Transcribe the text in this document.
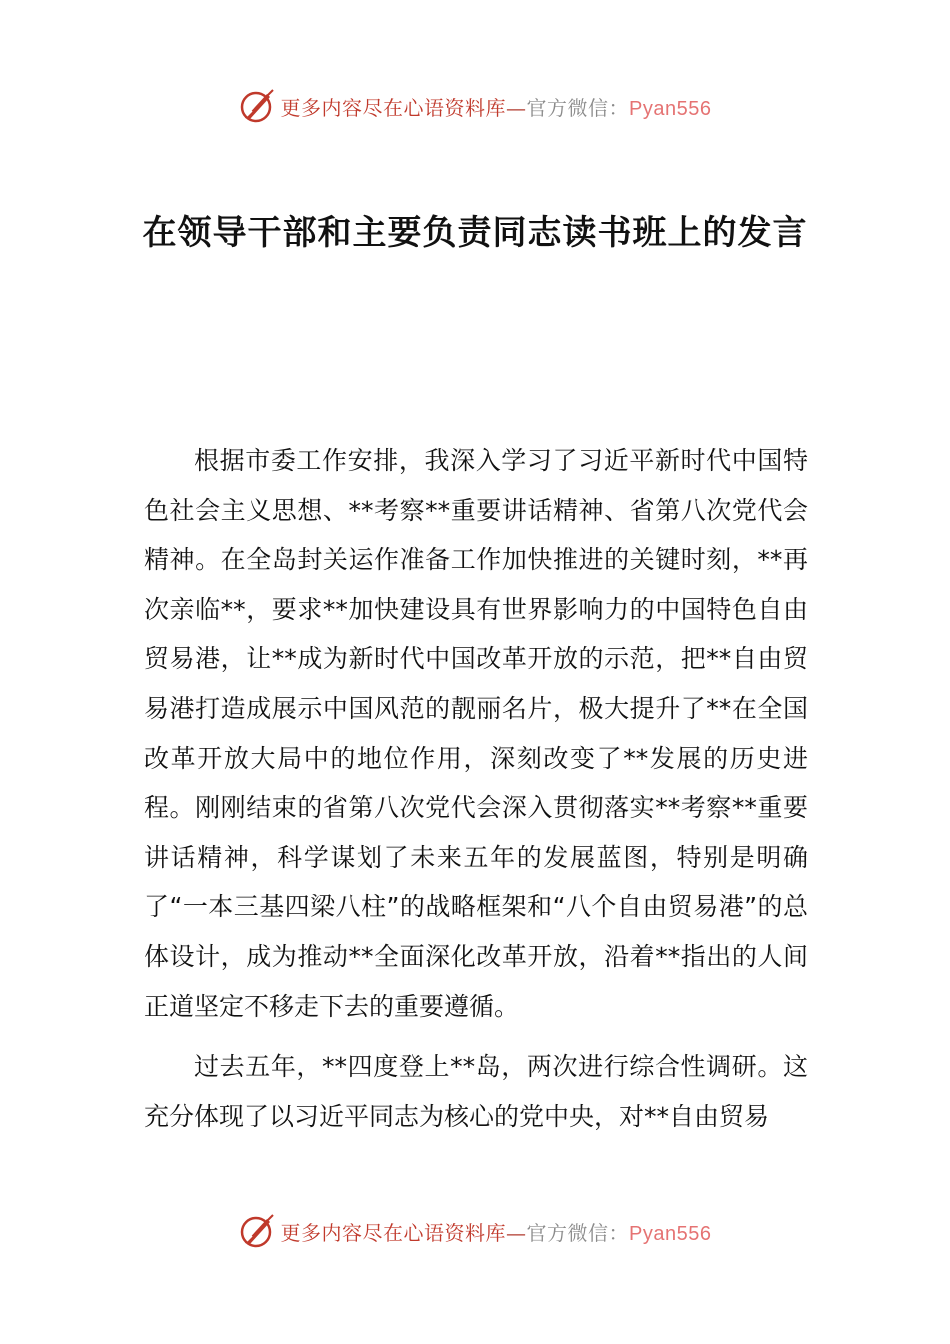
更多内容尽在心语资料库—官方微信：Pyan556
在领导干部和主要负责同志读书班上的发言

根据市委工作安排，我深入学习了习近平新时代中国特色社会主义思想、**考察**重要讲话精神、省第八次党代会精神。在全岛封关运作准备工作加快推进的关键时刻，**再次亲临**，要求**加快建设具有世界影响力的中国特色自由贸易港，让**成为新时代中国改革开放的示范，把**自由贸易港打造成展示中国风范的靓丽名片，极大提升了**在全国改革开放大局中的地位作用，深刻改变了**发展的历史进程。刚刚结束的省第八次党代会深入贯彻落实**考察**重要讲话精神，科学谋划了未来五年的发展蓝图，特别是明确了“一本三基四梁八柱”的战略框架和“八个自由贸易港”的总体设计，成为推动**全面深化改革开放，沿着**指出的人间正道坚定不移走下去的重要遵循。

过去五年，**四度登上**岛，两次进行综合性调研。这充分体现了以习近平同志为核心的党中央，对**自由贸易

更多内容尽在心语资料库—官方微信：Pyan556
